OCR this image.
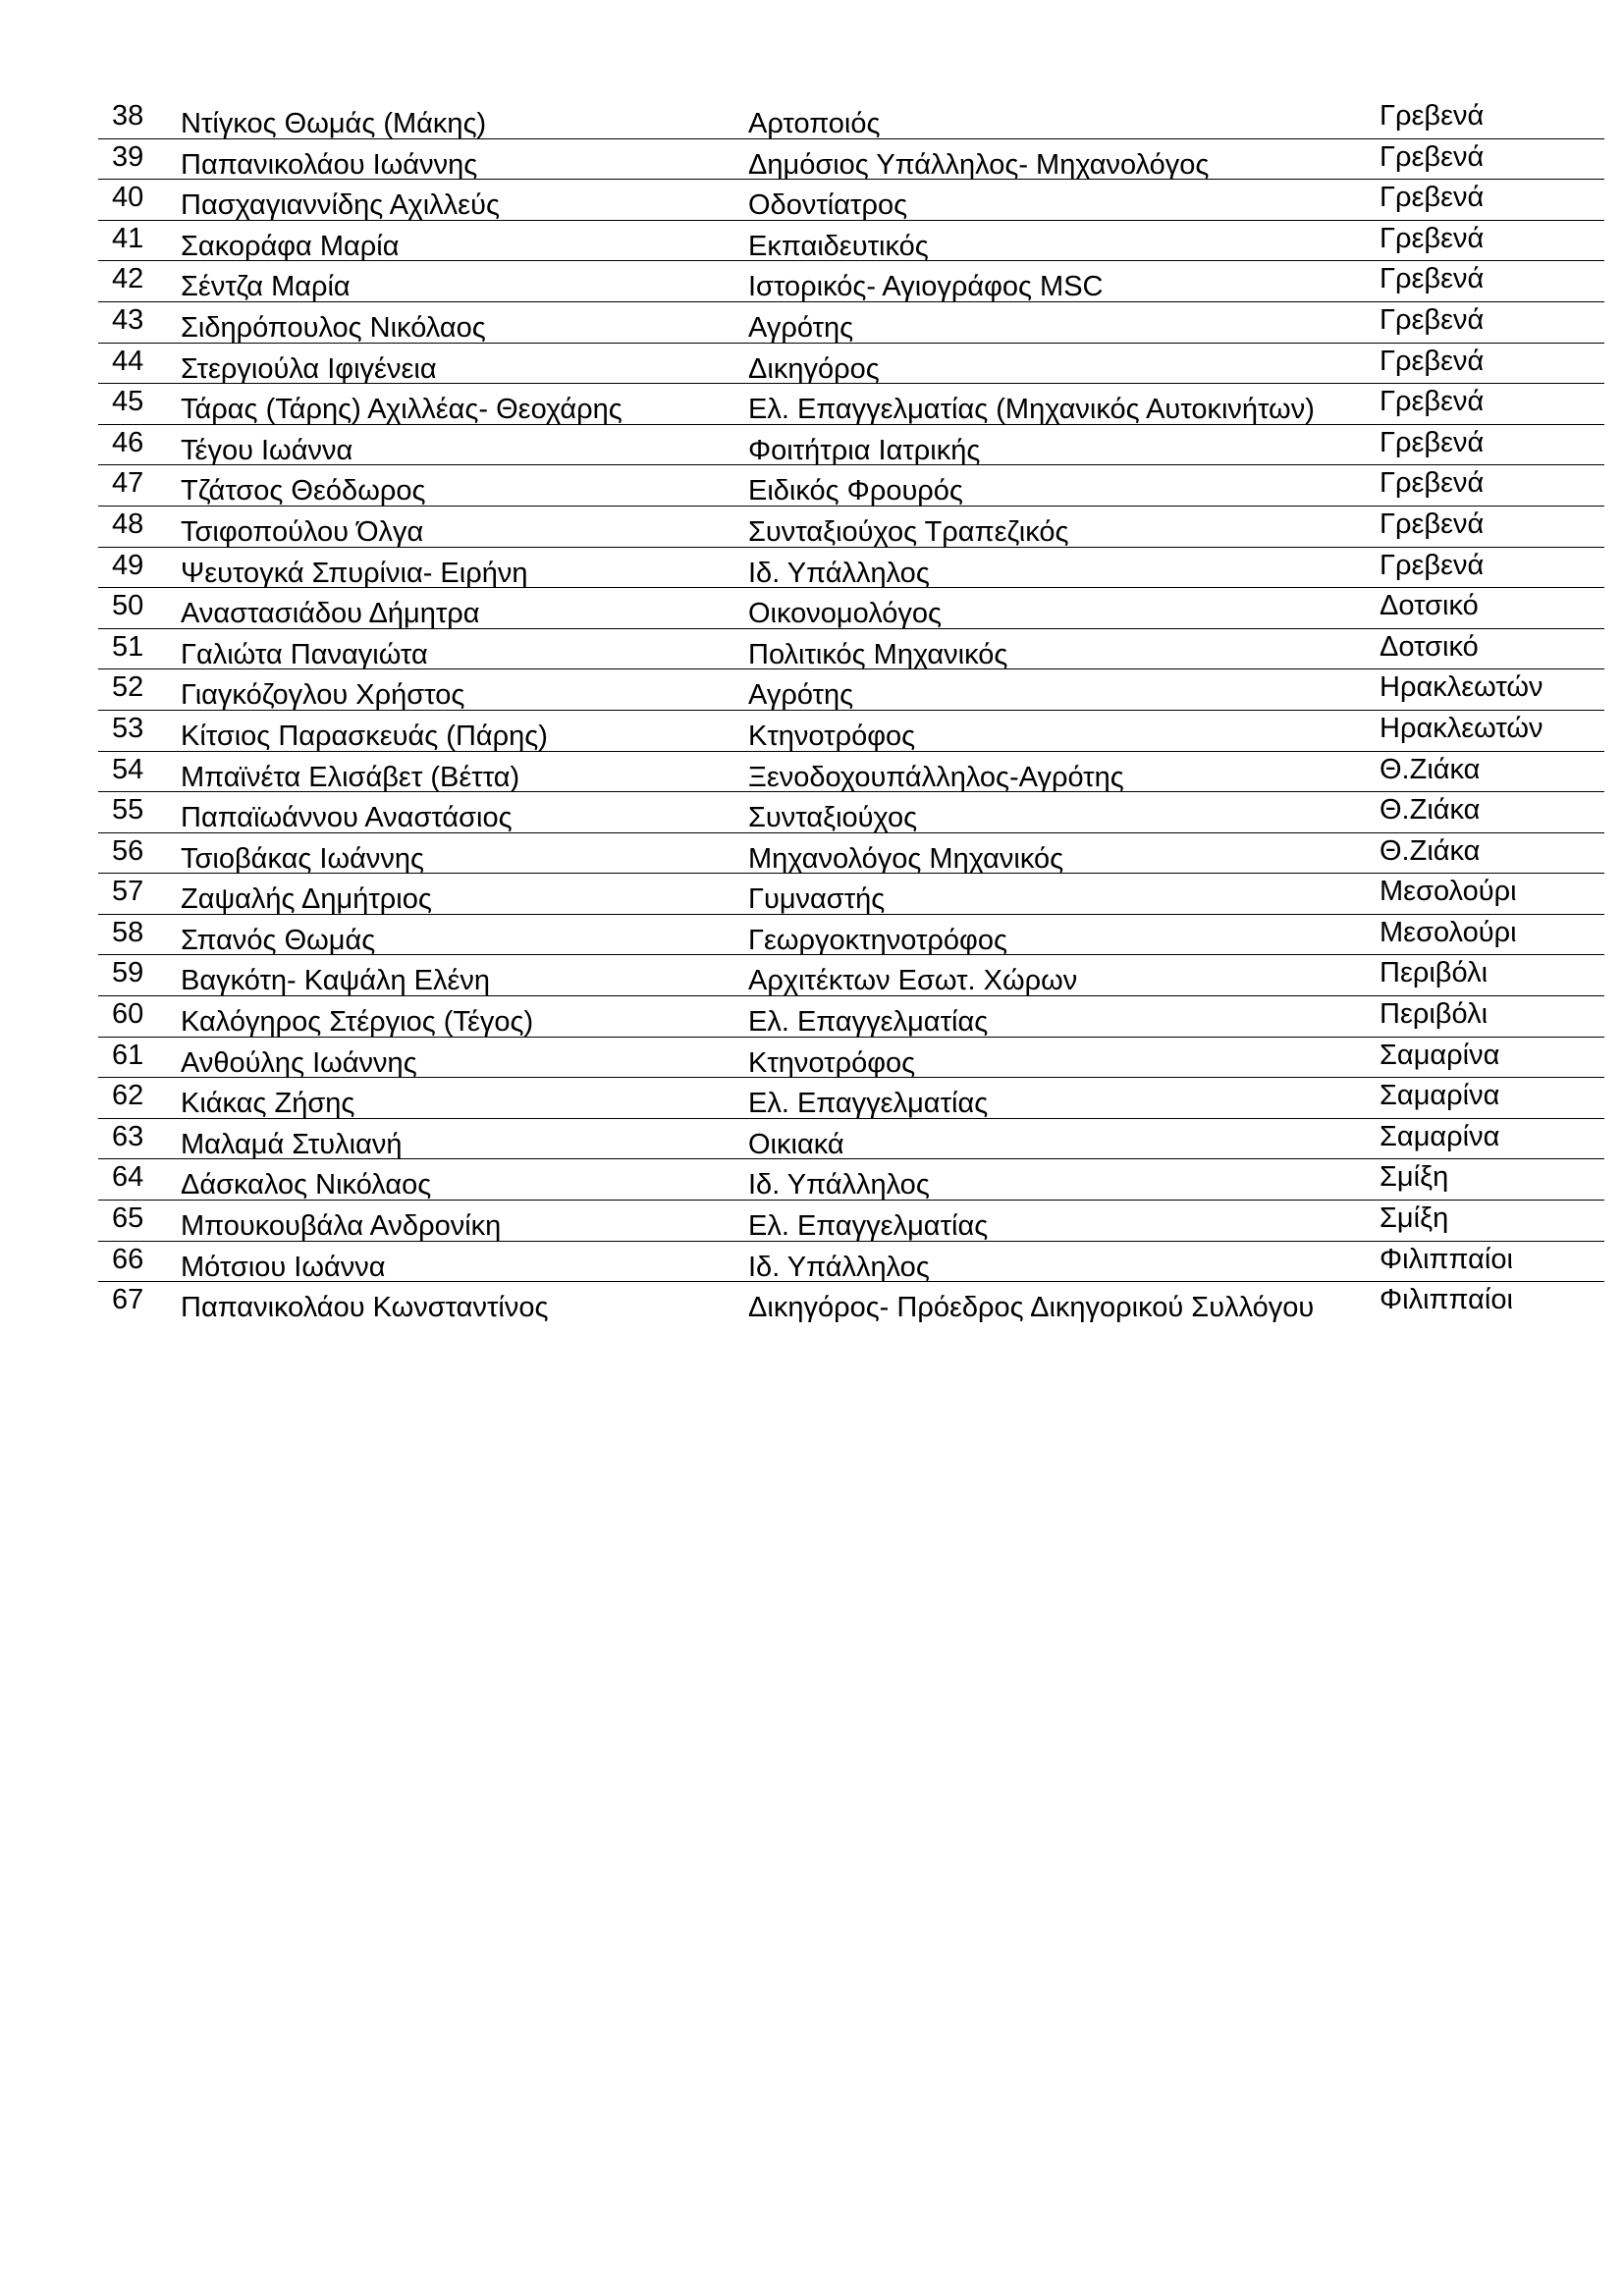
38 Ντίγκος Θωμάς (Μάκης)	Αρτοποιός	Γρεβενά
39 Παπανικολάου Ιωάννης	Δημόσιος Υπάλληλος- Μηχανολόγος	Γρεβενά
40 Πασχαγιαννίδης Αχιλλεύς	Οδοντίατρος	Γρεβενά
41 Σακοράφα Μαρία	Εκπαιδευτικός	Γρεβενά
42 Σέντζα Μαρία	Ιστορικός- Αγιογράφος MSC	Γρεβενά
43 Σιδηρόπουλος Νικόλαος	Αγρότης	Γρεβενά
44 Στεργιούλα Ιφιγένεια	Δικηγόρος	Γρεβενά
45 Τάρας (Τάρης) Αχιλλέας- Θεοχάρης	Ελ. Επαγγελματίας (Μηχανικός Αυτοκινήτων) Γρεβενά
46 Τέγου Ιωάννα	Φοιτήτρια Ιατρικής	Γρεβενά
47 Τζάτσος Θεόδωρος	Ειδικός Φρουρός	Γρεβενά
48 Τσιφοπούλου Όλγα	Συνταξιούχος Τραπεζικός	Γρεβενά
49 Ψευτογκά Σπυρίνια- Ειρήνη	Ιδ. Υπάλληλος	Γρεβενά
50 Αναστασιάδου Δήμητρα	Οικονομολόγος	Δοτσικό
51 Γαλιώτα Παναγιώτα	Πολιτικός Μηχανικός	Δοτσικό
52 Γιαγκόζογλου Χρήστος	Αγρότης	Ηρακλεωτών
53 Κίτσιος Παρασκευάς (Πάρης)	Κτηνοτρόφος	Ηρακλεωτών
54 Μπαϊνέτα Ελισάβετ (Βέττα)	Ξενοδοχουπάλληλος-Αγρότης	Θ.Ζιάκα
55 Παπαϊωάννου Αναστάσιος	Συνταξιούχος	Θ.Ζιάκα
56 Τσιοβάκας Ιωάννης	Μηχανολόγος Μηχανικός	Θ.Ζιάκα
57 Ζαψαλής Δημήτριος	Γυμναστής	Μεσολούρι
58 Σπανός Θωμάς	Γεωργοκτηνοτρόφος	Μεσολούρι
59 Βαγκότη- Καψάλη Ελένη	Αρχιτέκτων Εσωτ. Χώρων	Περιβόλι
60 Καλόγηρος Στέργιος (Τέγος)	Ελ. Επαγγελματίας	Περιβόλι
61 Ανθούλης Ιωάννης	Κτηνοτρόφος	Σαμαρίνα
62 Κιάκας Ζήσης	Ελ. Επαγγελματίας	Σαμαρίνα
63 Μαλαμά Στυλιανή	Οικιακά	Σαμαρίνα
64 Δάσκαλος Νικόλαος	Ιδ. Υπάλληλος	Σμίξη
65 Μπουκουβάλα Ανδρονίκη	Ελ. Επαγγελματίας	Σμίξη
66 Μότσιου Ιωάννα	Ιδ. Υπάλληλος	Φιλιππαίοι
67 Παπανικολάου Κωνσταντίνος	Δικηγόρος- Πρόεδρος Δικηγορικού Συλλόγου Φιλιππαίοι
